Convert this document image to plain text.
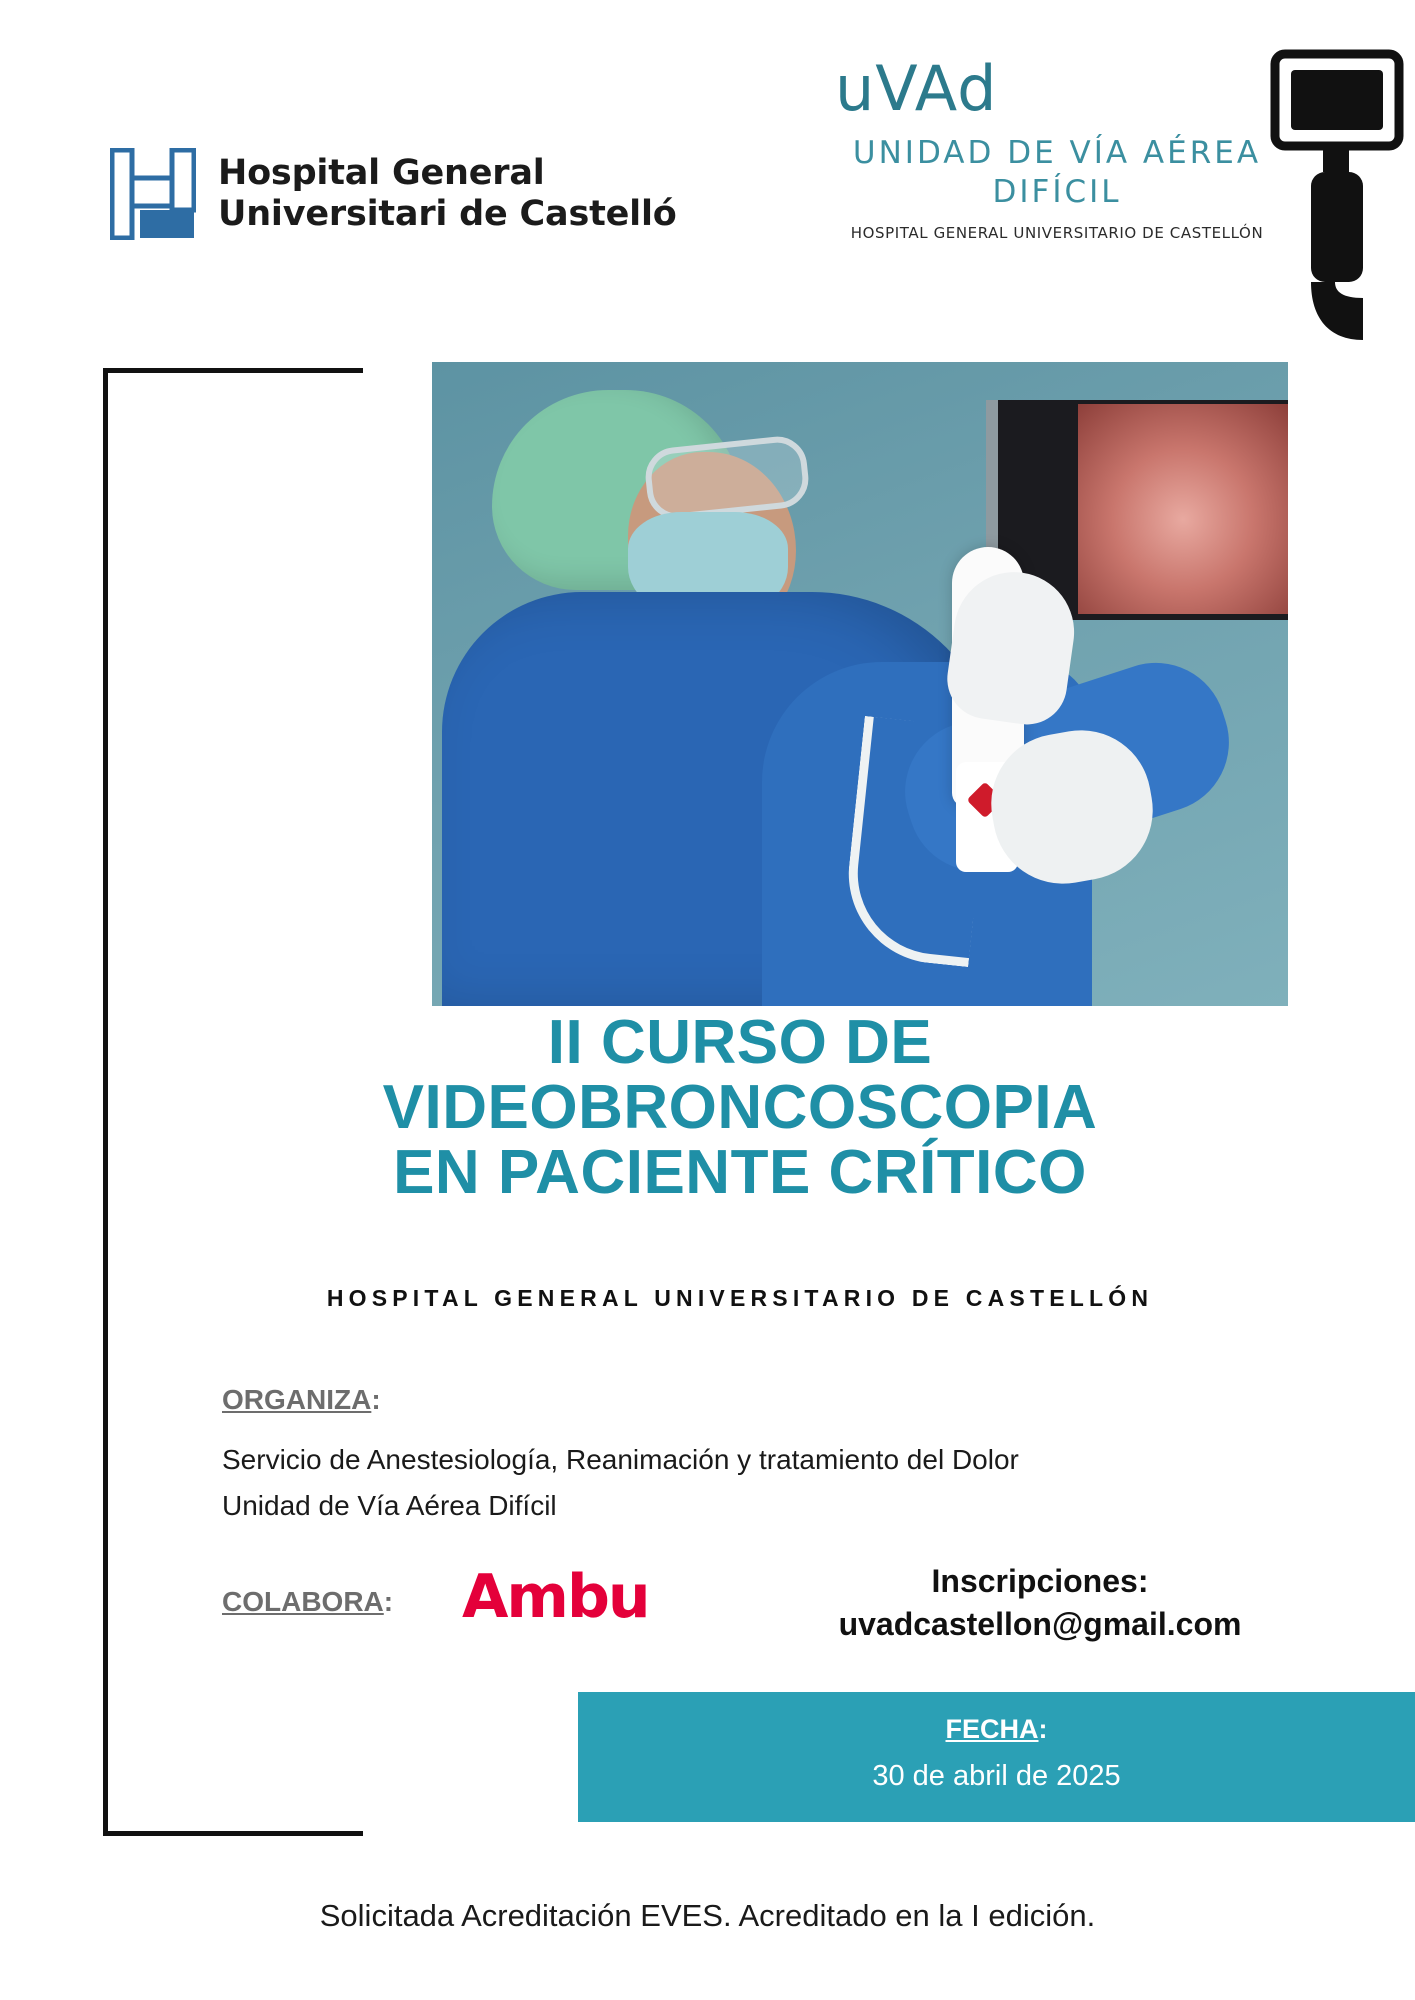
Hospital General
Universitari de Castelló
uVAd
UNIDAD DE VÍA AÉREA
DIFÍCIL
HOSPITAL GENERAL UNIVERSITARIO DE CASTELLÓN
II CURSO DE
VIDEOBRONCOSCOPIA
EN PACIENTE CRÍTICO
HOSPITAL GENERAL UNIVERSITARIO DE CASTELLÓN
ORGANIZA:
Servicio de Anestesiología, Reanimación y tratamiento del Dolor
Unidad de Vía Aérea Difícil
COLABORA: Ambu	Inscripciones:
uvadcastellon@gmail.com
FECHA:
30 de abril de 2025
Solicitada Acreditación EVES. Acreditado en la I edición.
